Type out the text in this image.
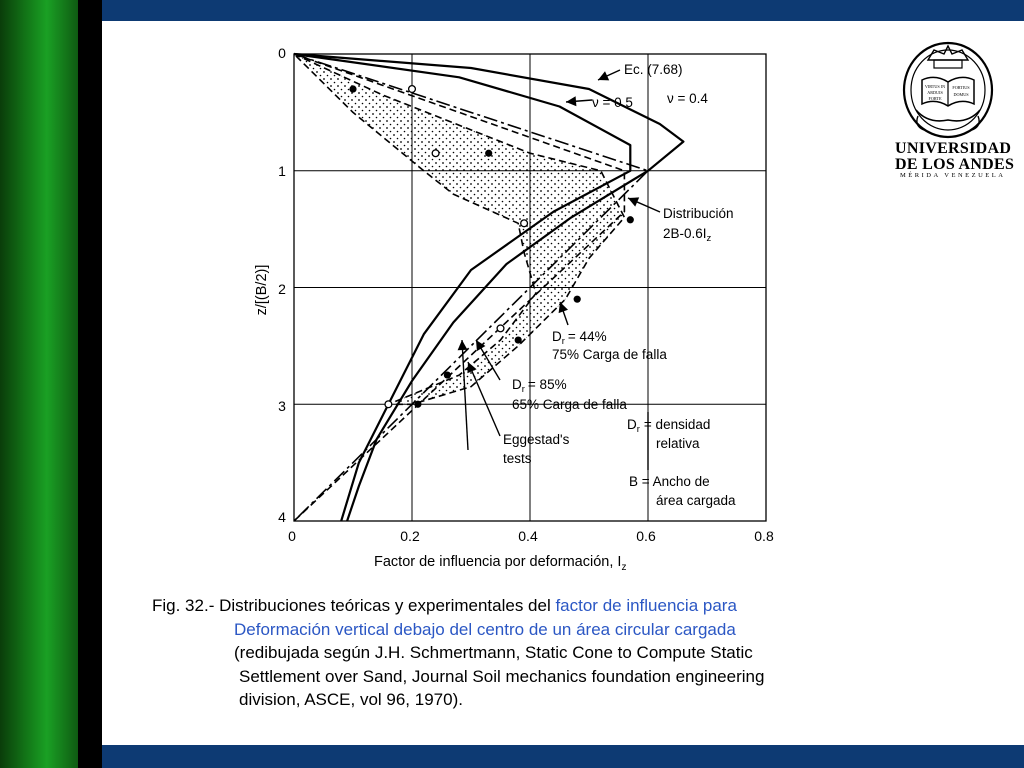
0	0.2	0.4	0.6	0.8
0
1
2
3
4
Factor de influencia por deformación, $I_z$
z/[(B/2)]
Ec. (7.68)
ν = 0.5	ν = 0.4
Distribución
$2B-0.6I_z$
$D_r = 44\%$
75% Carga de falla
$D_r = 85\%$
65% Carga de falla
Eggestad's
tests
$D_r$ = densidad
relativa
B = Ancho de
área cargada
VIRTUS IN
ARDUIS
FORTE
FORTIUS
DOMUS
UNIVERSIDAD
DE LOS ANDES
MÉRIDA VENEZUELA
Fig. 32.- Distribuciones teóricas y experimentales del factor de influencia para
Deformación vertical debajo del centro de un área circular cargada
(redibujada según J.H. Schmertmann, Static Cone to Compute Static
Settlement over Sand, Journal Soil mechanics foundation engineering
division, ASCE, vol 96, 1970).
